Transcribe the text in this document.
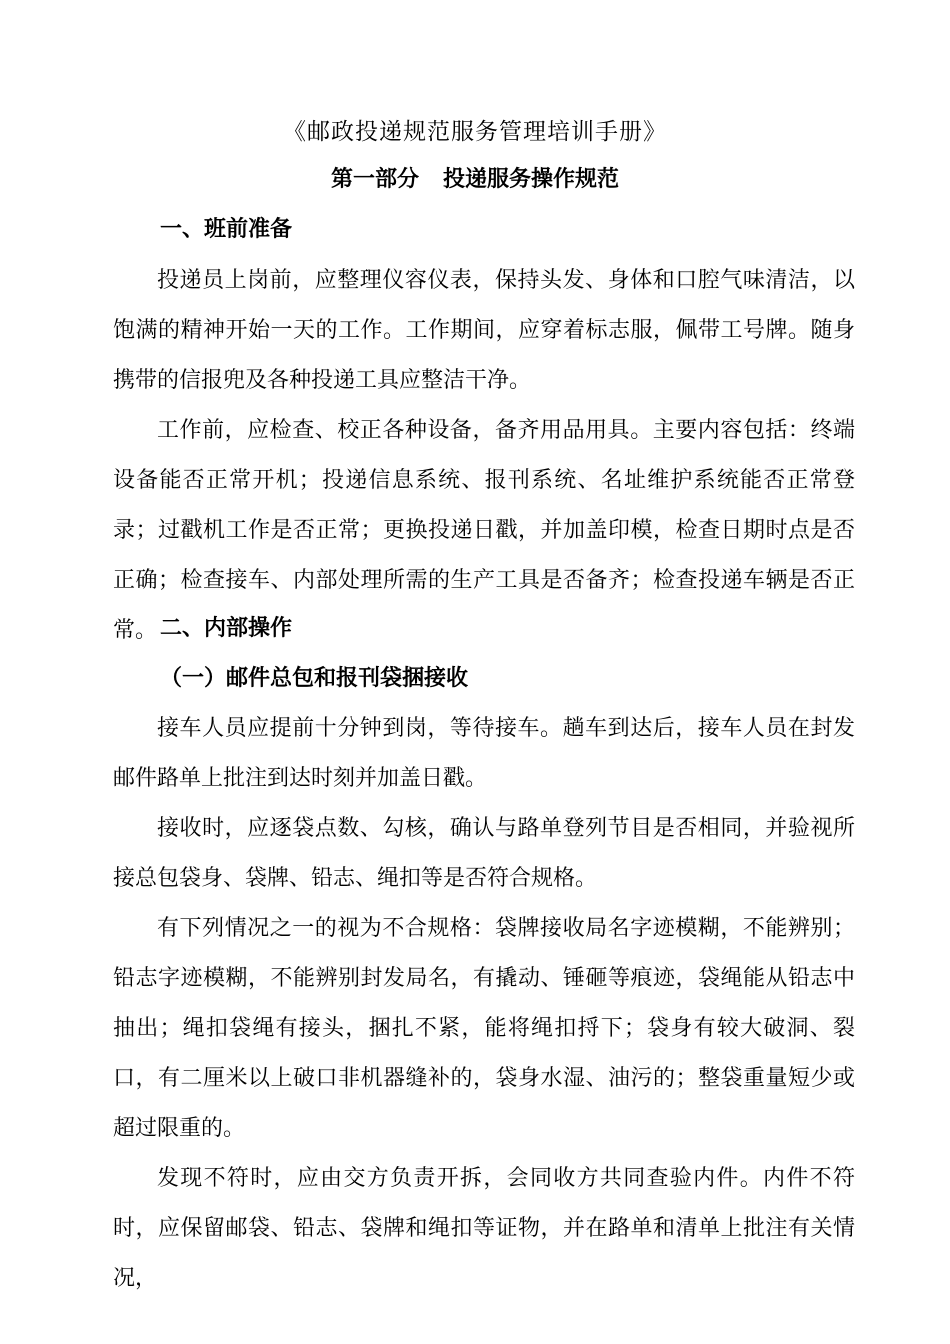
《邮政投递规范服务管理培训手册》
第一部分 投递服务操作规范
一、班前准备

投递员上岗前，应整理仪容仪表，保持头发、身体和口腔气味清洁，以饱满的精神开始一天的工作。工作期间，应穿着标志服，佩带工号牌。随身携带的信报兜及各种投递工具应整洁干净。

工作前，应检查、校正各种设备，备齐用品用具。主要内容包括：终端设备能否正常开机；投递信息系统、报刊系统、名址维护系统能否正常登录；过戳机工作是否正常；更换投递日戳，并加盖印模，检查日期时点是否正确；检查接车、内部处理所需的生产工具是否备齐；检查投递车辆是否正常。 二、内部操作
（一）邮件总包和报刊袋捆接收

接车人员应提前十分钟到岗，等待接车。趟车到达后，接车人员在封发邮件路单上批注到达时刻并加盖日戳。

接收时，应逐袋点数、勾核，确认与路单登列节目是否相同，并验视所接总包袋身、袋牌、铅志、绳扣等是否符合规格。

有下列情况之一的视为不合规格：袋牌接收局名字迹模糊，不能辨别；铅志字迹模糊，不能辨别封发局名，有撬动、锤砸等痕迹，袋绳能从铅志中抽出；绳扣袋绳有接头，捆扎不紧，能将绳扣捋下；袋身有较大破洞、裂口，有二厘米以上破口非机器缝补的，袋身水湿、油污的；整袋重量短少或超过限重的。

发现不符时，应由交方负责开拆，会同收方共同查验内件。内件不符时，应保留邮袋、铅志、袋牌和绳扣等证物，并在路单和清单上批注有关情况，
